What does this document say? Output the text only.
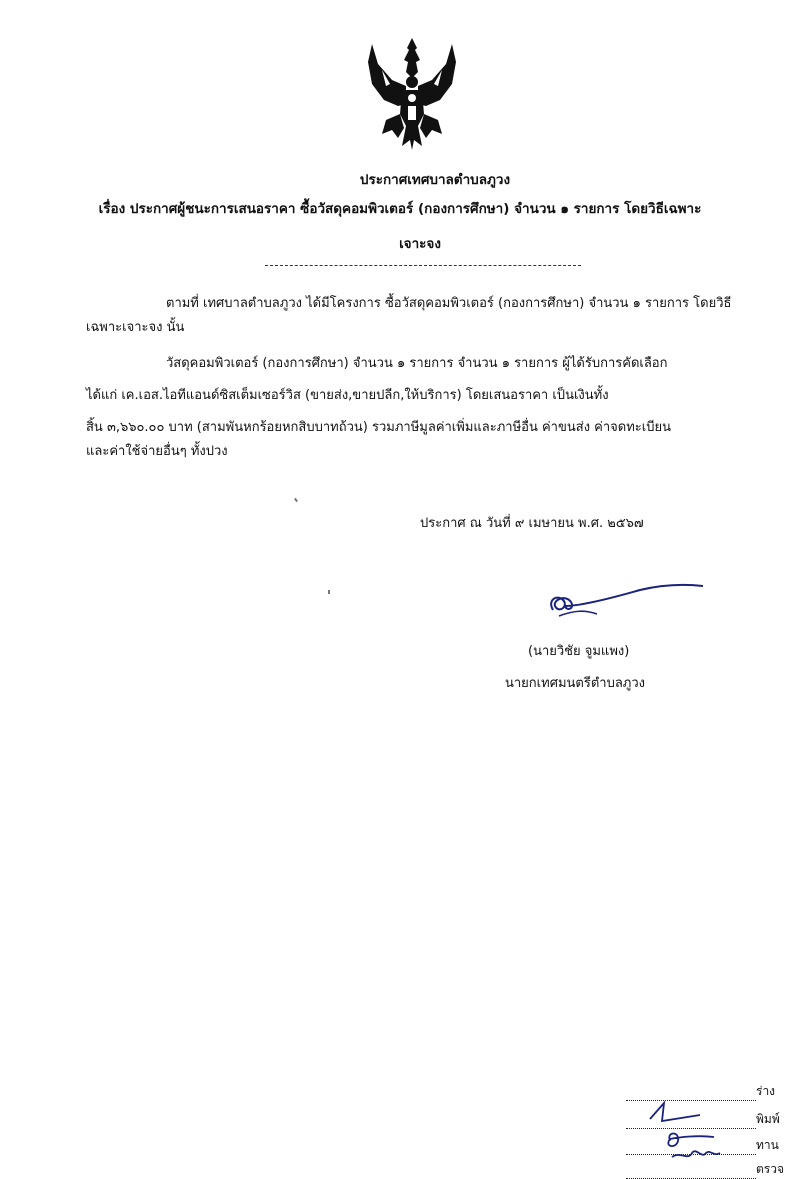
ประกาศเทศบาลตำบลภูวง
เรื่อง ประกาศผู้ชนะการเสนอราคา ซื้อวัสดุคอมพิวเตอร์ (กองการศึกษา) จำนวน ๑ รายการ โดยวิธีเฉพาะ
เจาะจง
ตามที่ เทศบาลตำบลภูวง ได้มีโครงการ ซื้อวัสดุคอมพิวเตอร์ (กองการศึกษา) จำนวน ๑ รายการ โดยวิธี
เฉพาะเจาะจง นั้น
วัสดุคอมพิวเตอร์ (กองการศึกษา) จำนวน ๑ รายการ จำนวน ๑ รายการ ผู้ได้รับการคัดเลือก
ได้แก่ เค.เอส.ไอทีแอนด์ซิสเต็มเซอร์วิส (ขายส่ง,ขายปลีก,ให้บริการ) โดยเสนอราคา เป็นเงินทั้ง
สิ้น ๓,๖๖๐.๐๐ บาท (สามพันหกร้อยหกสิบบาทถ้วน) รวมภาษีมูลค่าเพิ่มและภาษีอื่น ค่าขนส่ง ค่าจดทะเบียน
และค่าใช้จ่ายอื่นๆ ทั้งปวง
ประกาศ ณ วันที่ ๙ เมษายน พ.ศ. ๒๕๖๗
(นายวิชัย จูมแพง)
นายกเทศมนตรีตำบลภูวง
ร่าง
พิมพ์
ทาน
ตรวจ
